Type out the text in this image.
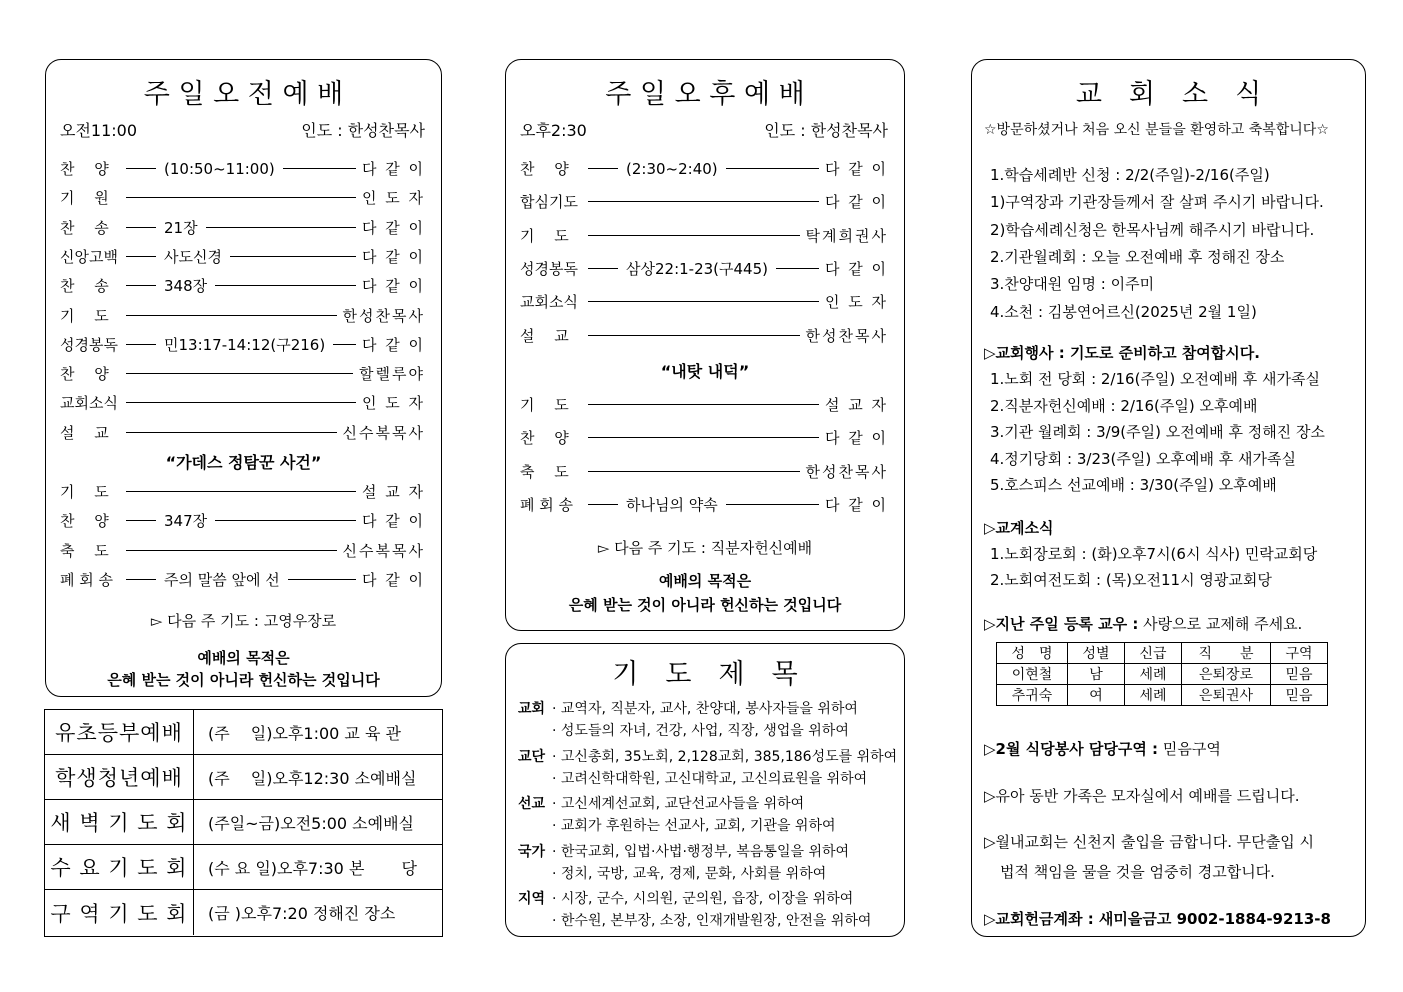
주 일 오 전 예 배
오전11:00	인도 : 한성찬목사
찬　 양	(10:50~11:00)	다 같 이
기　 원	인 도 자
찬　 송	21장	다 같 이
신앙고백	사도신경	다 같 이
찬　 송	348장	다 같 이
기　 도	한성찬목사
성경봉독	민13:17-14:12(구216) 다 같 이
찬　 양	할렐루야
교회소식	인 도 자
설　 교	신수복목사
“가데스 정탐꾼 사건”
기　 도	설 교 자
찬　 양	347장	다 같 이
축　 도	신수복목사
폐 회 송	주의 말씀 앞에 선	다 같 이
▻ 다음 주 기도 : 고영우장로
예배의 목적은
은혜 받는 것이 아니라 헌신하는 것입니다
유초등부예배	(주　 일)오후1:00 교 육 관
학생청년예배	(주　 일)오후12:30 소예배실
새 벽 기 도 회	(주일~금)오전5:00 소예배실
수 요 기 도 회	(수 요 일)오후7:30 본　　 당
구 역 기 도 회	(금 )오후7:20 정해진 장소
주 일 오 후 예 배
오후2:30	인도 : 한성찬목사
찬　 양	(2:30~2:40)	다 같 이
합심기도	다 같 이
기　 도	탁계희권사
성경봉독	삼상22:1-23(구445)	다 같 이
교회소식	인 도 자
설　 교	한성찬목사
“내탓 내덕”
기　 도	설 교 자
찬　 양	다 같 이
축　 도	한성찬목사
폐 회 송	하나님의 약속	다 같 이
▻ 다음 주 기도 : 직분자헌신예배
예배의 목적은
은혜 받는 것이 아니라 헌신하는 것입니다
기　도　제　목
교회 · 교역자, 직분자, 교사, 찬양대, 봉사자들을 위하여
· 성도들의 자녀, 건강, 사업, 직장, 생업을 위하여
교단 · 고신총회, 35노회, 2,128교회, 385,186성도를 위하여
· 고려신학대학원, 고신대학교, 고신의료원을 위하여
선교 · 고신세계선교회, 교단선교사들을 위하여
· 교회가 후원하는 선교사, 교회, 기관을 위하여
국가 · 한국교회, 입법·사법·행정부, 복음통일을 위하여
· 정치, 국방, 교육, 경제, 문화, 사회를 위하여
지역 · 시장, 군수, 시의원, 군의원, 읍장, 이장을 위하여
· 한수원, 본부장, 소장, 인재개발원장, 안전을 위하여
교　회　소　식
☆방문하셨거나 처음 오신 분들을 환영하고 축복합니다☆
1.학습세례반 신청 : 2/2(주일)-2/16(주일)
1)구역장과 기관장들께서 잘 살펴 주시기 바랍니다.
2)학습세례신청은 한목사님께 해주시기 바랍니다.
2.기관월례회 : 오늘 오전예배 후 정해진 장소
3.찬양대원 임명 : 이주미
4.소천 : 김봉연어르신(2025년 2월 1일)
▷교회행사 : 기도로 준비하고 참여합시다.
1.노회 전 당회 : 2/16(주일) 오전예배 후 새가족실
2.직분자헌신예배 : 2/16(주일) 오후예배
3.기관 월례회 : 3/9(주일) 오전예배 후 정해진 장소
4.정기당회 : 3/23(주일) 오후예배 후 새가족실
5.호스피스 선교예배 : 3/30(주일) 오후예배
▷교계소식
1.노회장로회 : (화)오후7시(6시 식사) 민락교회당
2.노회여전도회 : (목)오전11시 영광교회당
▷지난 주일 등록 교우 : 사랑으로 교제해 주세요.
▷2월 식당봉사 담당구역 : 믿음구역
▷유아 동반 가족은 모자실에서 예배를 드립니다.
▷월내교회는 신천지 출입을 금합니다. 무단출입 시
법적 책임을 물을 것을 엄중히 경고합니다.
▷교회헌금계좌 : 새미을금고 9002-1884-9213-8
성　명	성별	신급	직　　분	구역
이현철	남	세례	은퇴장로	믿음
추귀숙	여	세례	은퇴권사	믿음
